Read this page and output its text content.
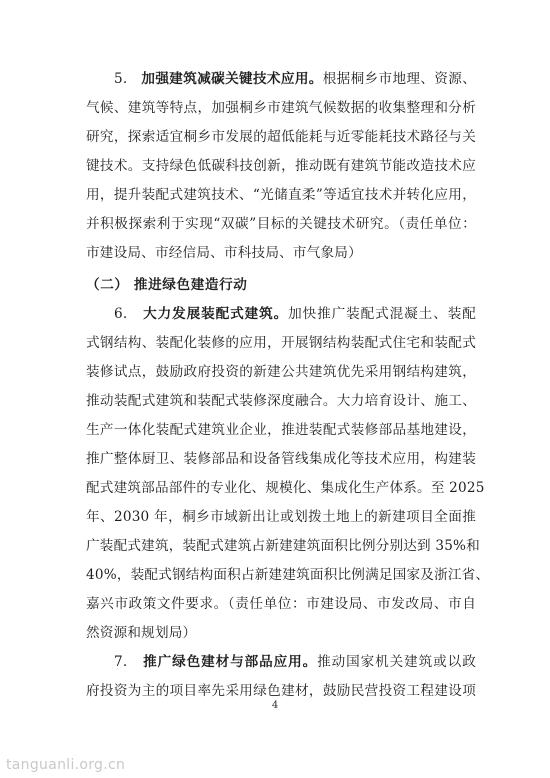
5. 加强建筑减碳关键技术应用。根据桐乡市地理、资源、
气候、建筑等特点，加强桐乡市建筑气候数据的收集整理和分析
研究，探索适宜桐乡市发展的超低能耗与近零能耗技术路径与关
键技术。支持绿色低碳科技创新，推动既有建筑节能改造技术应
用，提升装配式建筑技术、“光储直柔”等适宜技术并转化应用，
并积极探索利于实现“双碳”目标的关键技术研究。（责任单位：
市建设局、市经信局、市科技局、市气象局）
（二） 推进绿色建造行动
6. 大力发展装配式建筑。加快推广装配式混凝土、装配
式钢结构、装配化装修的应用，开展钢结构装配式住宅和装配式
装修试点，鼓励政府投资的新建公共建筑优先采用钢结构建筑，
推动装配式建筑和装配式装修深度融合。大力培育设计、施工、
生产一体化装配式建筑业企业，推进装配式装修部品基地建设，
推广整体厨卫、装修部品和设备管线集成化等技术应用，构建装
配式建筑部品部件的专业化、规模化、集成化生产体系。至 2025
年、2030 年，桐乡市域新出让或划拨土地上的新建项目全面推
广装配式建筑，装配式建筑占新建建筑面积比例分别达到 35%和
40%，装配式钢结构面积占新建建筑面积比例满足国家及浙江省、
嘉兴市政策文件要求。（责任单位：市建设局、市发改局、市自
然资源和规划局）
7. 推广绿色建材与部品应用。推动国家机关建筑或以政
府投资为主的项目率先采用绿色建材，鼓励民营投资工程建设项
4
tanguanli.org.cn
